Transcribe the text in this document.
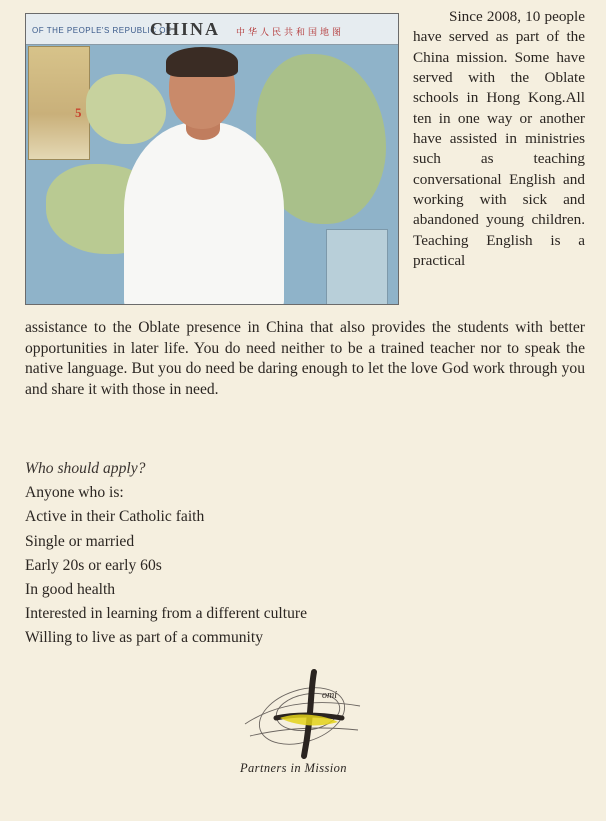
OF THE PEOPLE'S REPUBLIC OF
CHINA 中华人民共和国地图
5

Since 2008, 10 people have served as part of the China mission. Some have served with the Oblate schools in Hong Kong.All ten in one way or another have assisted in ministries such as teaching conversational English and working with sick and abandoned young children. Teaching English is a practical

assistance to the Oblate presence in China that also provides the students with better opportunities in later life. You do need neither to be a trained teacher nor to speak the native language. But you do need be daring enough to let the love God work through you and share it with those in need.

Who should apply?
Anyone who is:
Active in their Catholic faith
Single or married
Early 20s or early 60s
In good health
Interested in learning from a different culture
Willing to live as part of a community
omi
Partners in Mission
